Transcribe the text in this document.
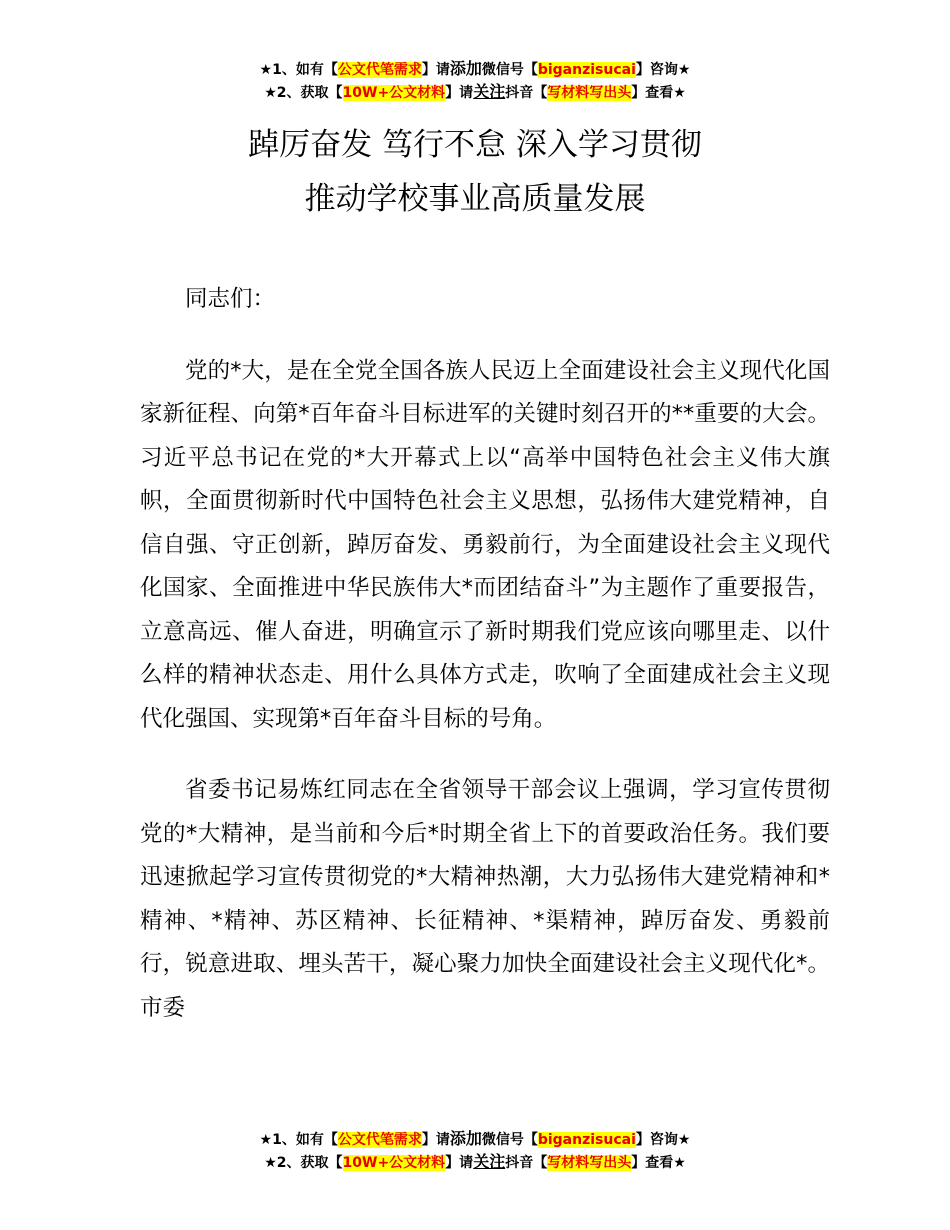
★1、如有【公文代笔需求】请添加微信号【biganzisucai】咨询★
★2、获取【10W+公文材料】请关注抖音【写材料写出头】查看★
踔厉奋发 笃行不怠 深入学习贯彻
推动学校事业高质量发展

同志们：

党的*大，是在全党全国各族人民迈上全面建设社会主义现代化国家新征程、向第*百年奋斗目标进军的关键时刻召开的**重要的大会。习近平总书记在党的*大开幕式上以“高举中国特色社会主义伟大旗帜，全面贯彻新时代中国特色社会主义思想，弘扬伟大建党精神，自信自强、守正创新，踔厉奋发、勇毅前行，为全面建设社会主义现代化国家、全面推进中华民族伟大*而团结奋斗”为主题作了重要报告，立意高远、催人奋进，明确宣示了新时期我们党应该向哪里走、以什么样的精神状态走、用什么具体方式走，吹响了全面建成社会主义现代化强国、实现第*百年奋斗目标的号角。

省委书记易炼红同志在全省领导干部会议上强调，学习宣传贯彻党的*大精神，是当前和今后*时期全省上下的首要政治任务。我们要迅速掀起学习宣传贯彻党的*大精神热潮，大力弘扬伟大建党精神和*精神、*精神、苏区精神、长征精神、*渠精神，踔厉奋发、勇毅前行，锐意进取、埋头苦干，凝心聚力加快全面建设社会主义现代化*。市委

★1、如有【公文代笔需求】请添加微信号【biganzisucai】咨询★
★2、获取【10W+公文材料】请关注抖音【写材料写出头】查看★
